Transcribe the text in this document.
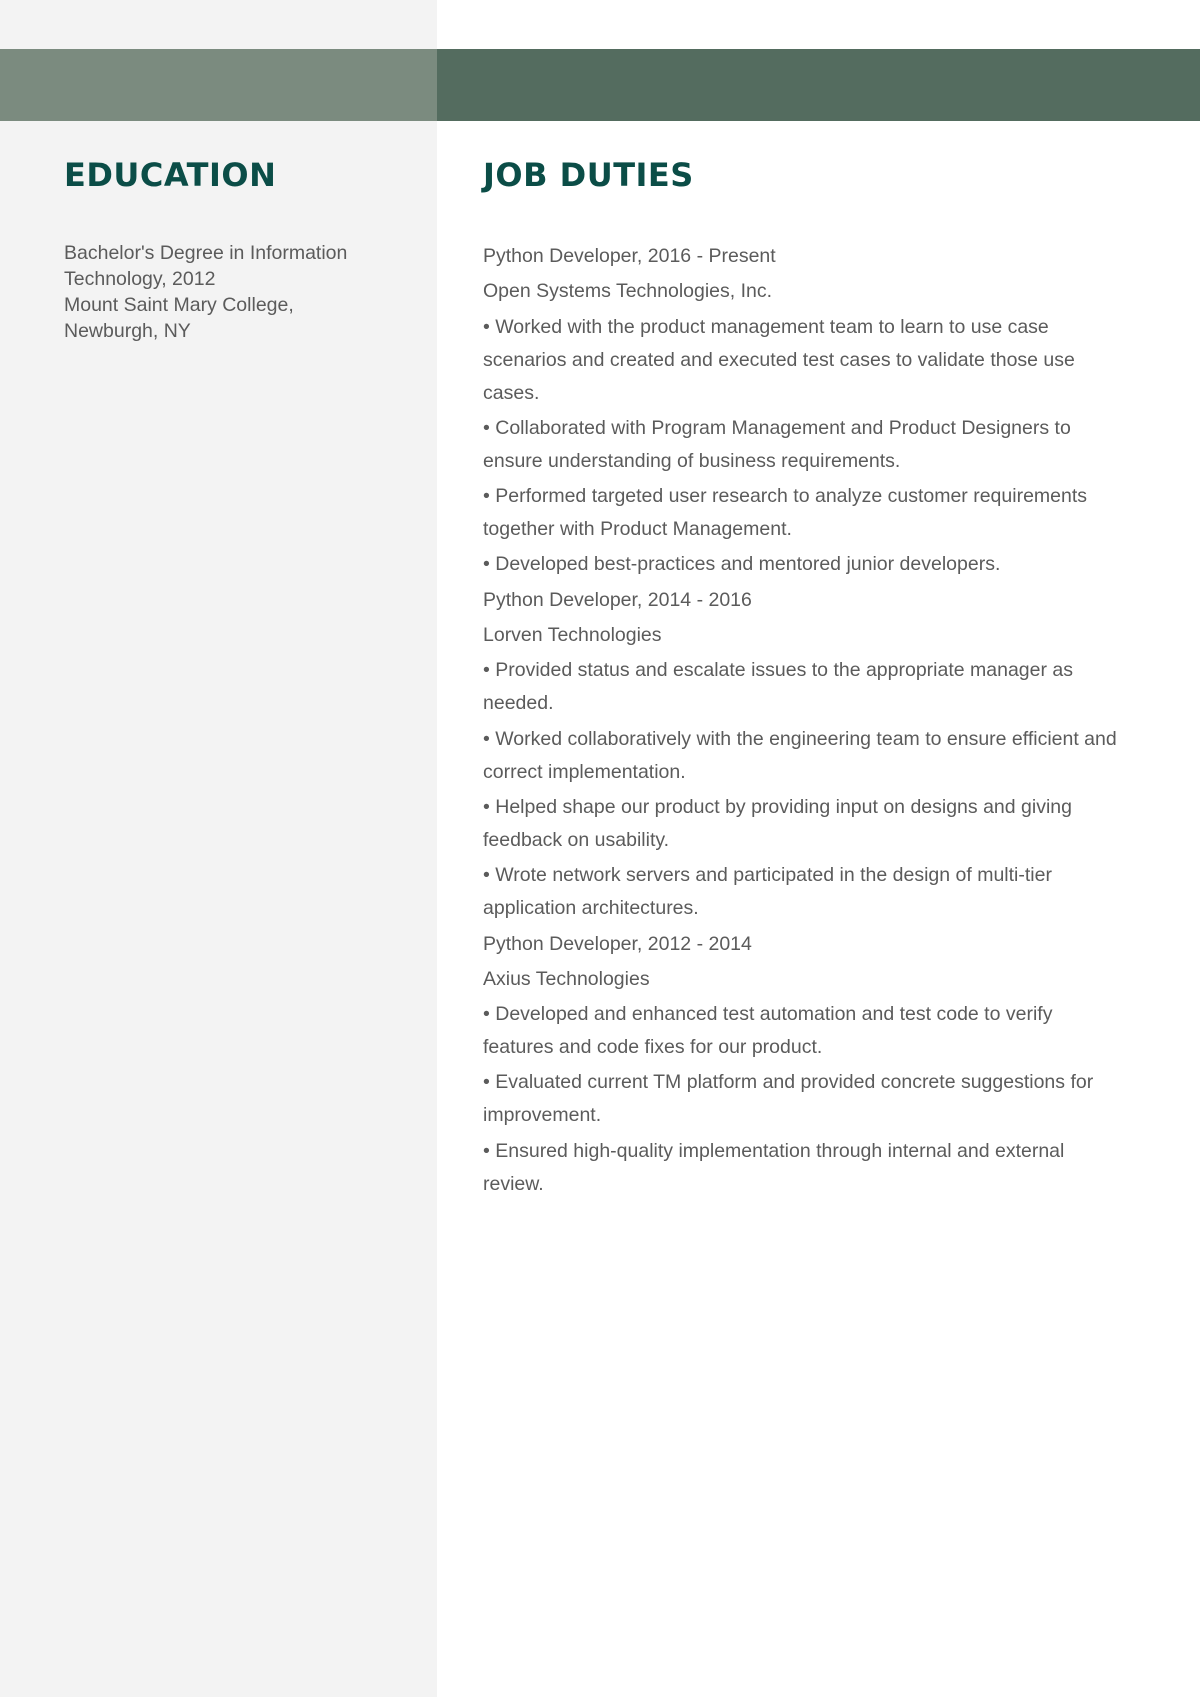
EDUCATION
Bachelor's Degree in Information
Technology, 2012
Mount Saint Mary College,
Newburgh, NY
JOB DUTIES

Python Developer, 2016 - Present

Open Systems Technologies, Inc.

• Worked with the product management team to learn to use case scenarios and created and executed test cases to validate those use cases.

• Collaborated with Program Management and Product Designers to ensure understanding of business requirements.

• Performed targeted user research to analyze customer requirements together with Product Management.

• Developed best-practices and mentored junior developers.

Python Developer, 2014 - 2016

Lorven Technologies

• Provided status and escalate issues to the appropriate manager as needed.

• Worked collaboratively with the engineering team to ensure efficient and correct implementation.

• Helped shape our product by providing input on designs and giving feedback on usability.

• Wrote network servers and participated in the design of multi-tier application architectures.

Python Developer, 2012 - 2014

Axius Technologies

• Developed and enhanced test automation and test code to verify features and code fixes for our product.

• Evaluated current TM platform and provided concrete suggestions for improvement.

• Ensured high-quality implementation through internal and external review.
